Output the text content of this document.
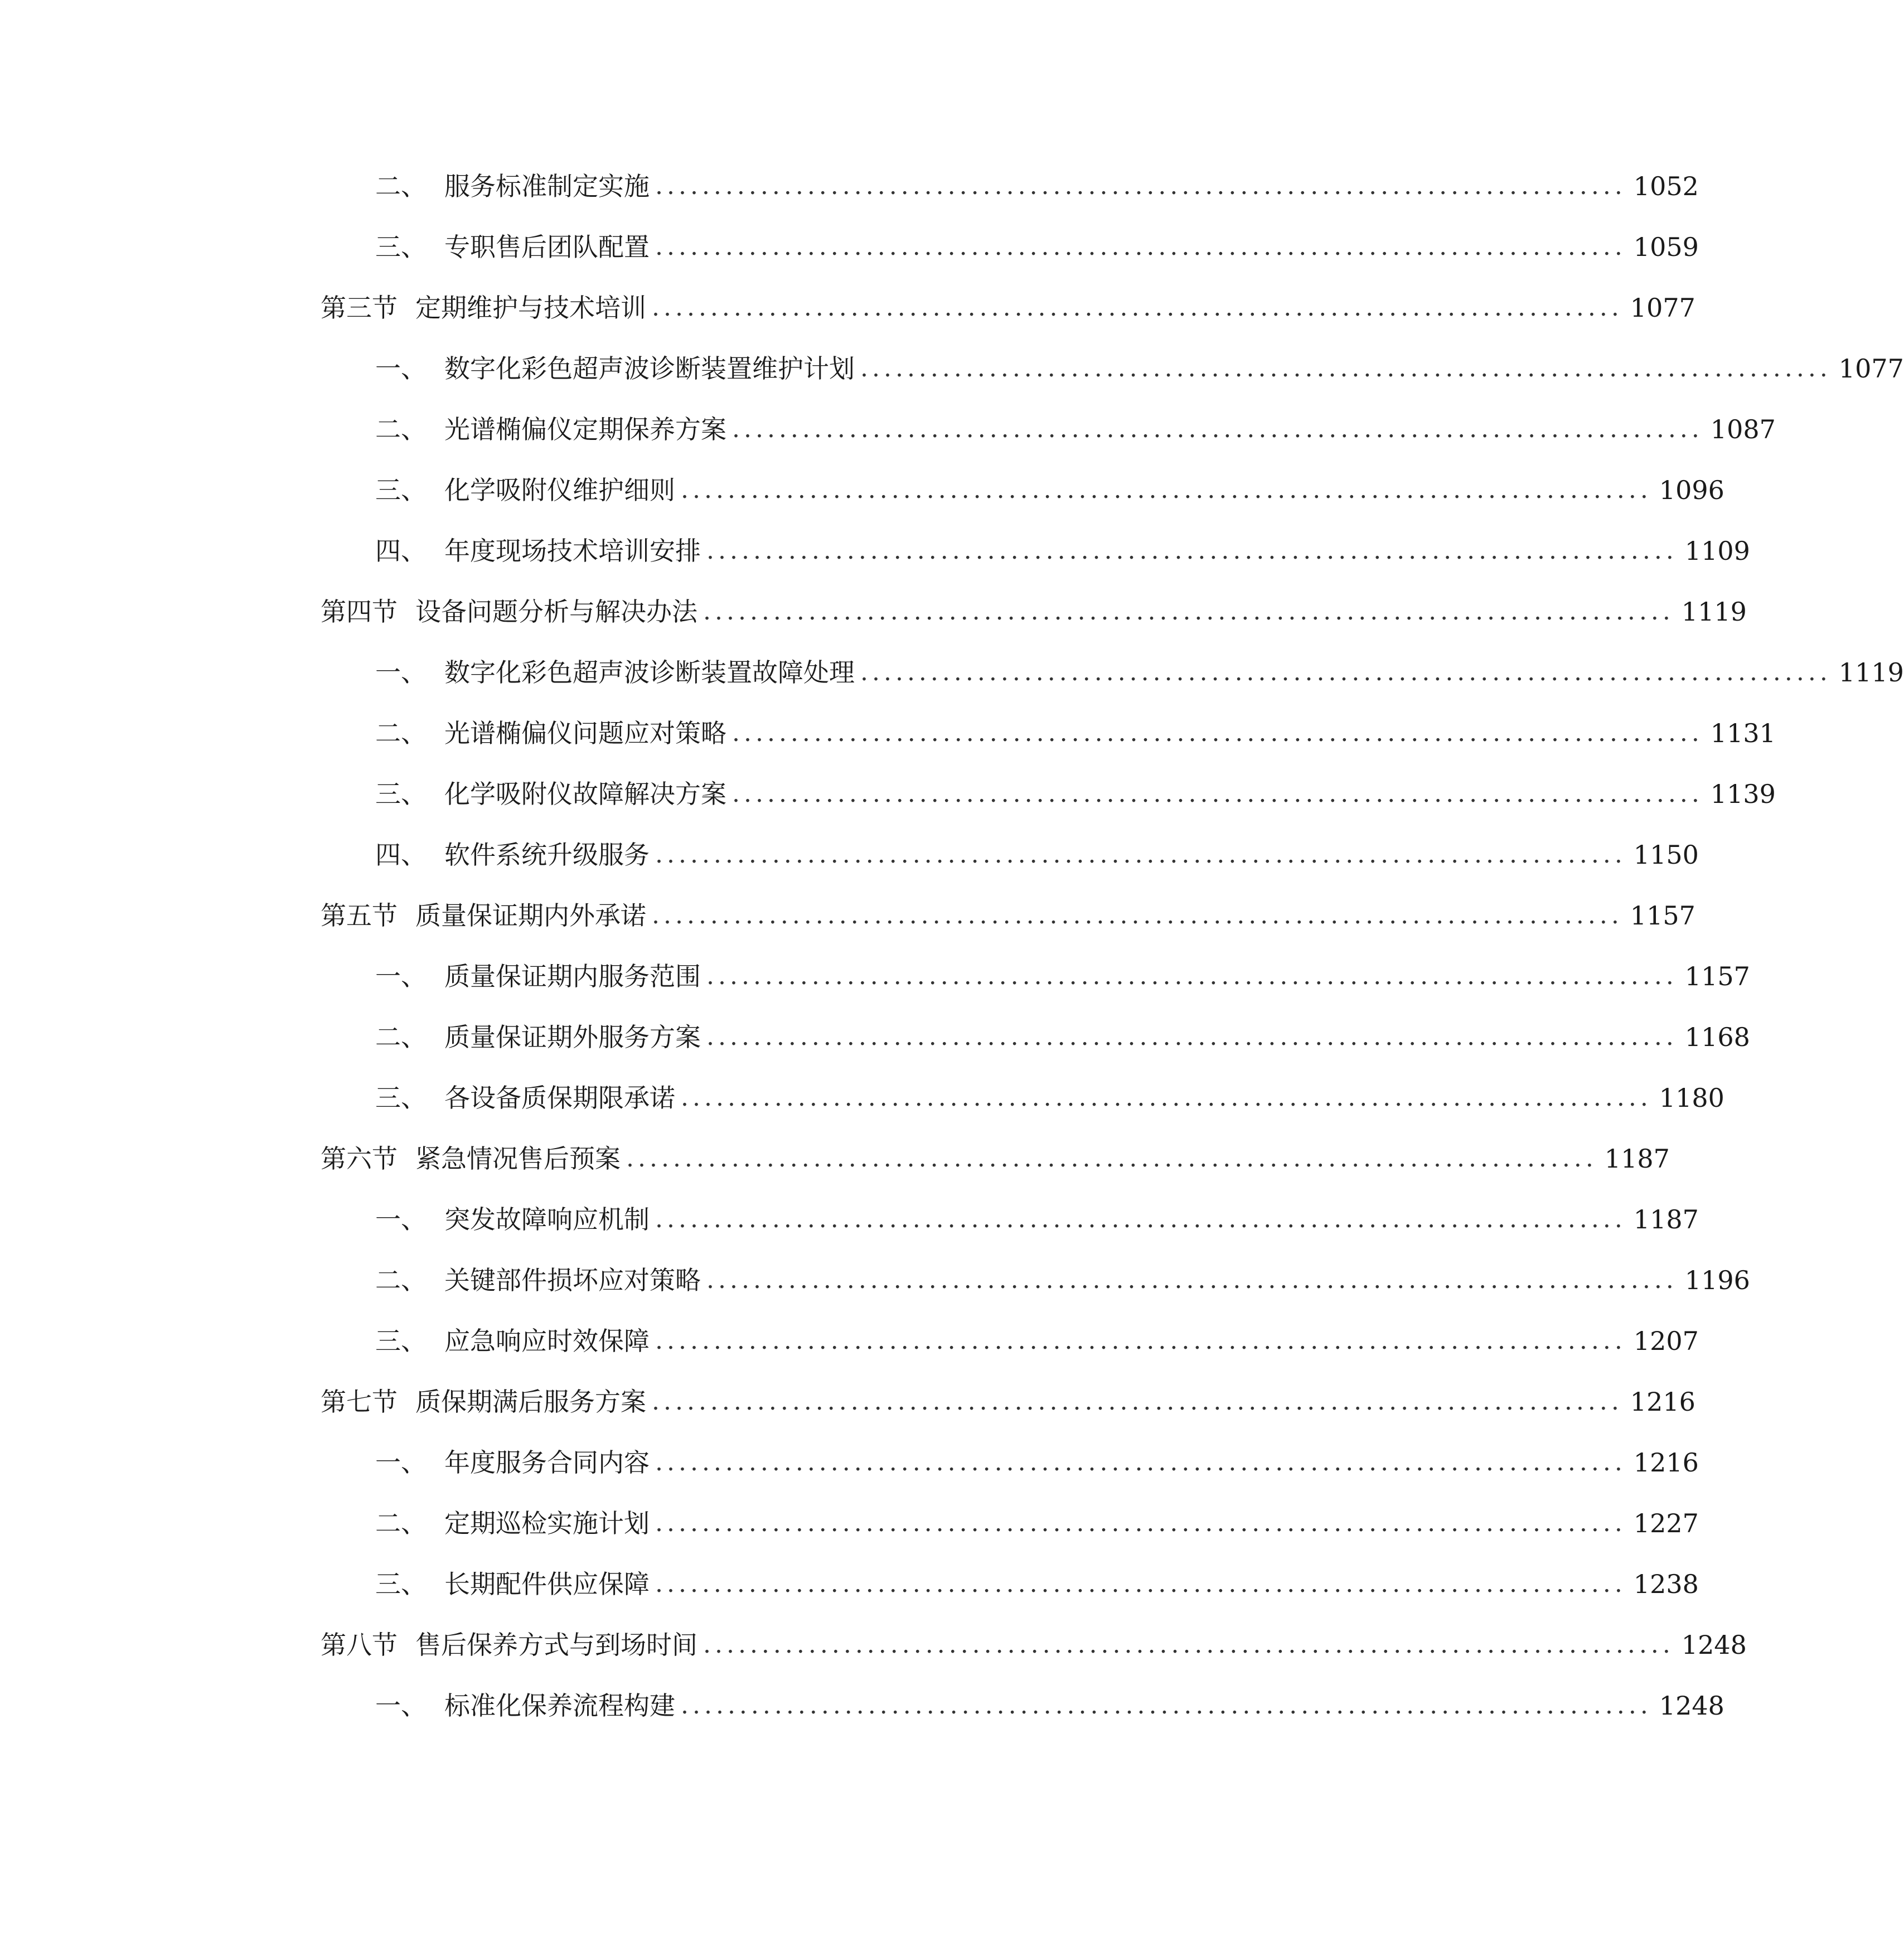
二、 服务标准制定实施 ................................................................................... 1052
三、 专职售后团队配置 ................................................................................... 1059
第三节 定期维护与技术培训 ................................................................................... 1077
一、 数字化彩色超声波诊断装置维护计划 ................................................................................... 1077
二、 光谱椭偏仪定期保养方案 ................................................................................... 1087
三、 化学吸附仪维护细则 ................................................................................... 1096
四、 年度现场技术培训安排 ................................................................................... 1109
第四节 设备问题分析与解决办法 ................................................................................... 1119
一、 数字化彩色超声波诊断装置故障处理 ................................................................................... 1119
二、 光谱椭偏仪问题应对策略 ................................................................................... 1131
三、 化学吸附仪故障解决方案 ................................................................................... 1139
四、 软件系统升级服务 ................................................................................... 1150
第五节 质量保证期内外承诺 ................................................................................... 1157
一、 质量保证期内服务范围 ................................................................................... 1157
二、 质量保证期外服务方案 ................................................................................... 1168
三、 各设备质保期限承诺 ................................................................................... 1180
第六节 紧急情况售后预案 ................................................................................... 1187
一、 突发故障响应机制 ................................................................................... 1187
二、 关键部件损坏应对策略 ................................................................................... 1196
三、 应急响应时效保障 ................................................................................... 1207
第七节 质保期满后服务方案 ................................................................................... 1216
一、 年度服务合同内容 ................................................................................... 1216
二、 定期巡检实施计划 ................................................................................... 1227
三、 长期配件供应保障 ................................................................................... 1238
第八节 售后保养方式与到场时间 ................................................................................... 1248
一、 标准化保养流程构建 ................................................................................... 1248
